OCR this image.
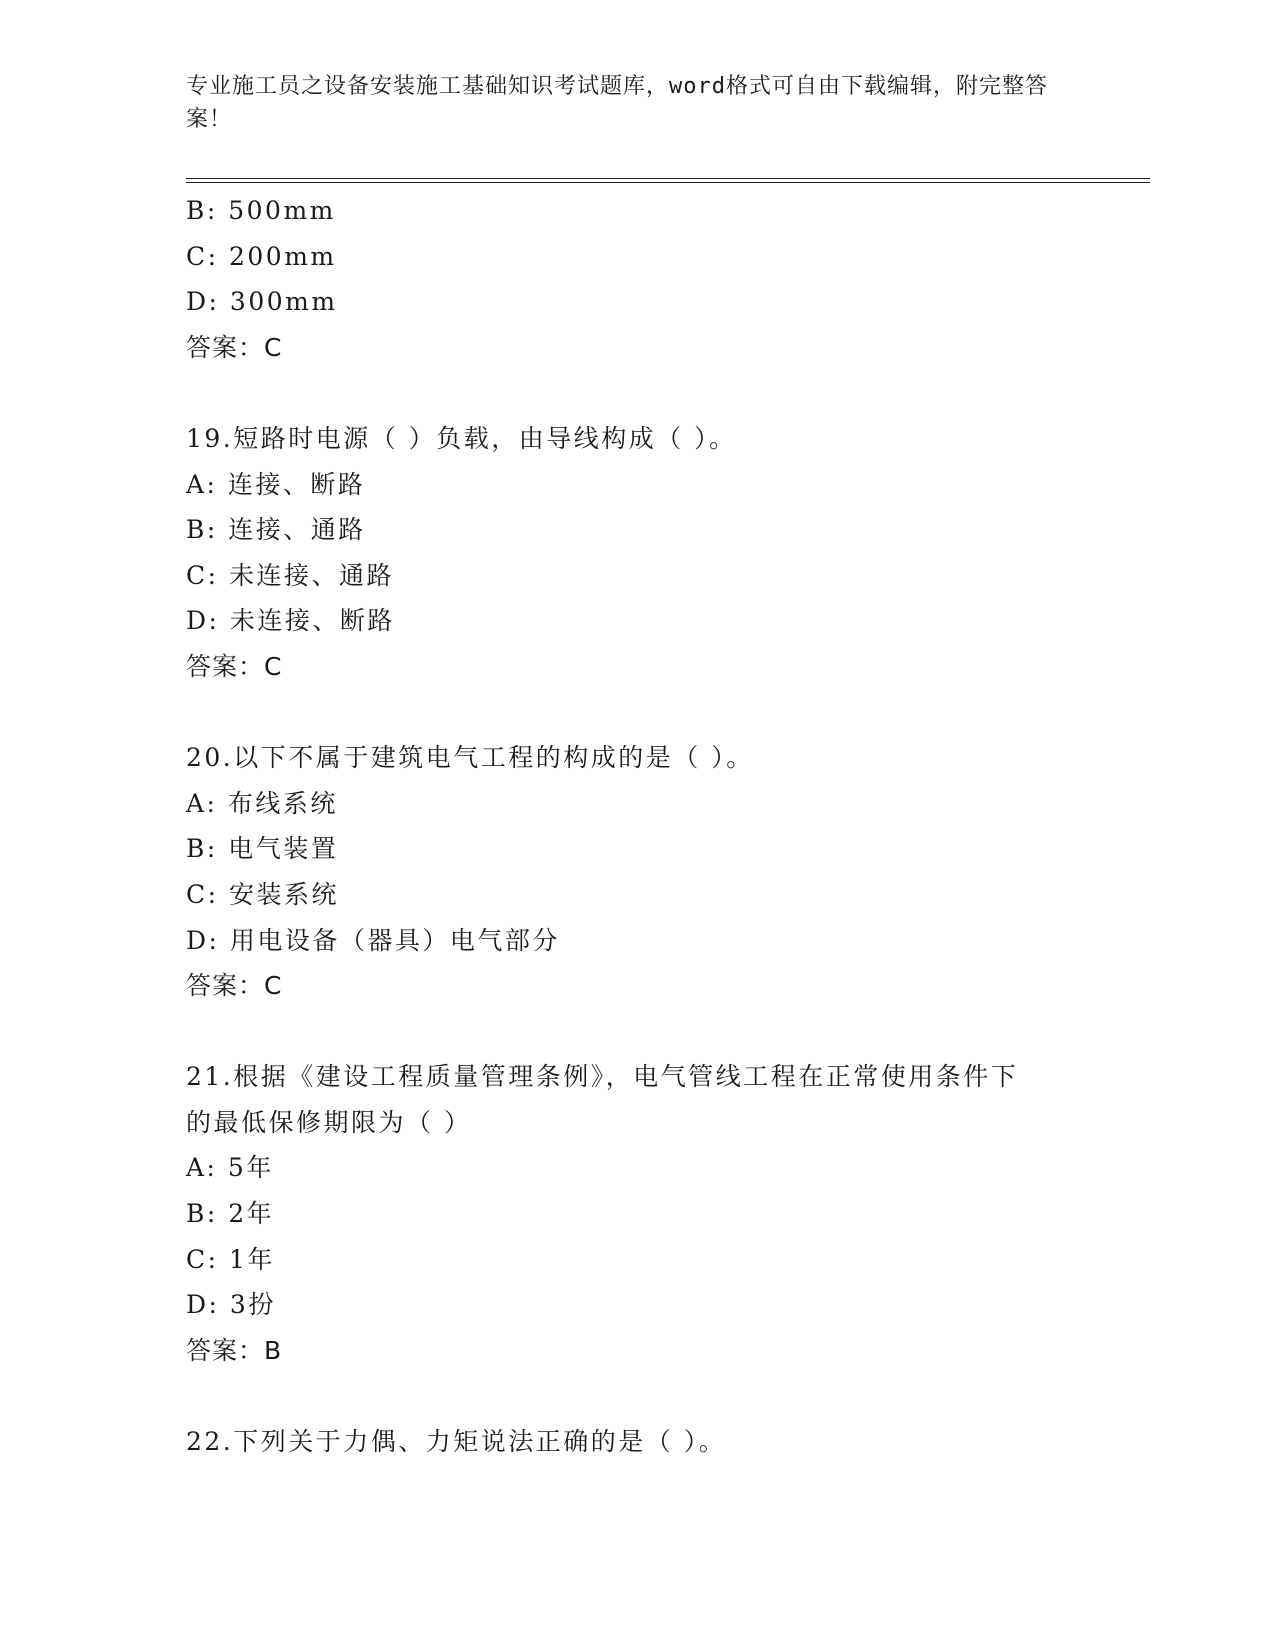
专业施工员之设备安装施工基础知识考试题库，word格式可自由下载编辑，附完整答案！
B: 500mm
C: 200mm
D: 300mm
答案：C
19.短路时电源（ ）负载，由导线构成（ ）。
A: 连接、断路
B: 连接、通路
C: 未连接、通路
D: 未连接、断路
答案：C
20.以下不属于建筑电气工程的构成的是（ ）。
A: 布线系统
B: 电气装置
C: 安装系统
D: 用电设备（器具）电气部分
答案：C
21.根据《建设工程质量管理条例》，电气管线工程在正常使用条件下
的最低保修期限为（ ）
A: 5年
B: 2年
C: 1年
D: 3扮
答案：B
22.下列关于力偶、力矩说法正确的是（ ）。
